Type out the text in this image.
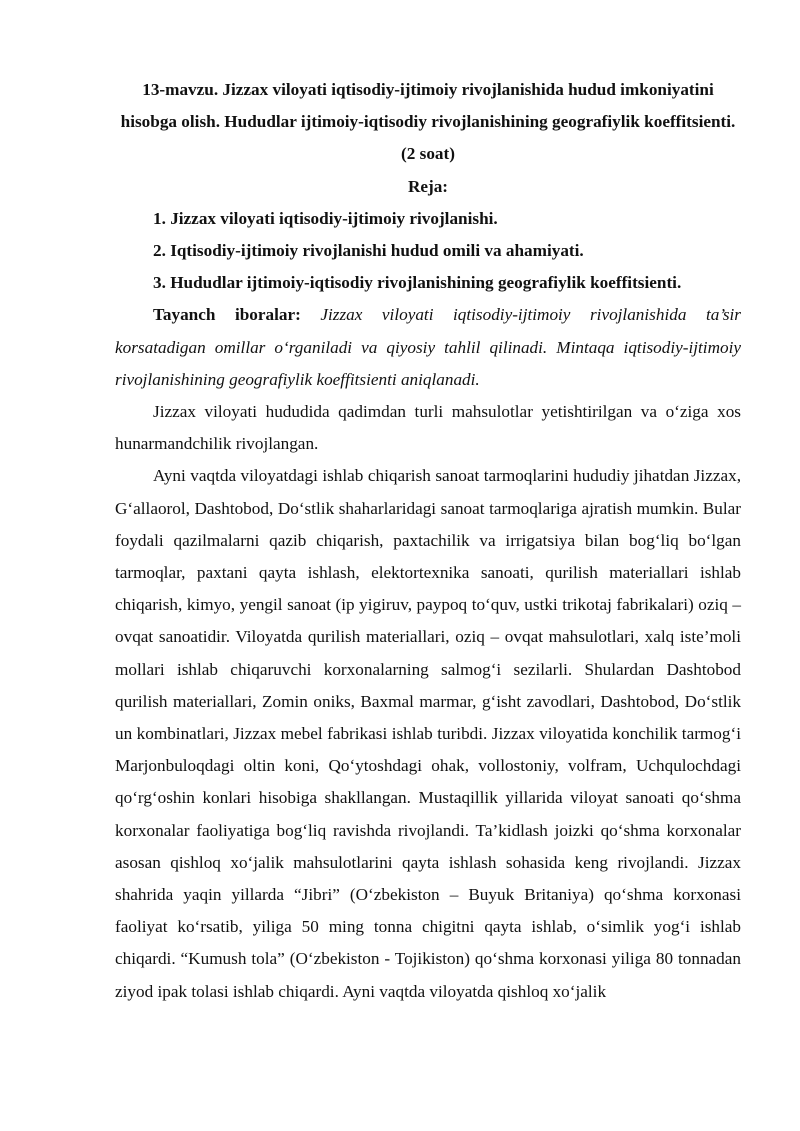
13-mavzu. Jizzax viloyati iqtisodiy-ijtimoiy rivojlanishida hudud imkoniyatini hisobga olish. Hududlar ijtimoiy-iqtisodiy rivojlanishining geografiylik koeffitsienti. (2 soat)

Reja:

1. Jizzax viloyati iqtisodiy-ijtimoiy rivojlanishi.
2. Iqtisodiy-ijtimoiy rivojlanishi hudud omili va ahamiyati.
3. Hududlar ijtimoiy-iqtisodiy rivojlanishining geografiylik koeffitsienti.

Tayanch iboralar: Jizzax viloyati iqtisodiy-ijtimoiy rivojlanishida ta’sir korsatadigan omillar o‘rganiladi va qiyosiy tahlil qilinadi. Mintaqa iqtisodiy-ijtimoiy rivojlanishining geografiylik koeffitsienti aniqlanadi.

Jizzax viloyati hududida qadimdan turli mahsulotlar yetishtirilgan va o‘ziga xos hunarmandchilik rivojlangan.

Ayni vaqtda viloyatdagi ishlab chiqarish sanoat tarmoqlarini hududiy jihatdan Jizzax, G‘allaorol, Dashtobod, Do‘stlik shaharlaridagi sanoat tarmoqlariga ajratish mumkin. Bular foydali qazilmalarni qazib chiqarish, paxtachilik va irrigatsiya bilan bog‘liq bo‘lgan tarmoqlar, paxtani qayta ishlash, elektortexnika sanoati, qurilish materiallari ishlab chiqarish, kimyo, yengil sanoat (ip yigiruv, paypoq to‘quv, ustki trikotaj fabrikalari) oziq – ovqat sanoatidir. Viloyatda qurilish materiallari, oziq – ovqat mahsulotlari, xalq iste’moli mollari ishlab chiqaruvchi korxonalarning salmog‘i sezilarli. Shulardan Dashtobod qurilish materiallari, Zomin oniks, Baxmal marmar, g‘isht zavodlari, Dashtobod, Do‘stlik un kombinatlari, Jizzax mebel fabrikasi ishlab turibdi. Jizzax viloyatida konchilik tarmog‘i Marjonbuloqdagi oltin koni, Qo‘ytoshdagi ohak, vollostoniy, volfram, Uchqulochdagi qo‘rg‘oshin konlari hisobiga shakllangan. Mustaqillik yillarida viloyat sanoati qo‘shma korxonalar faoliyatiga bog‘liq ravishda rivojlandi. Ta’kidlash joizki qo‘shma korxonalar asosan qishloq xo‘jalik mahsulotlarini qayta ishlash sohasida keng rivojlandi. Jizzax shahrida yaqin yillarda “Jibri” (O‘zbekiston – Buyuk Britaniya) qo‘shma korxonasi faoliyat ko‘rsatib, yiliga 50 ming tonna chigitni qayta ishlab, o‘simlik yog‘i ishlab chiqardi. “Kumush tola” (O‘zbekiston - Tojikiston) qo‘shma korxonasi yiliga 80 tonnadan ziyod ipak tolasi ishlab chiqardi. Ayni vaqtda viloyatda qishloq xo‘jalik
